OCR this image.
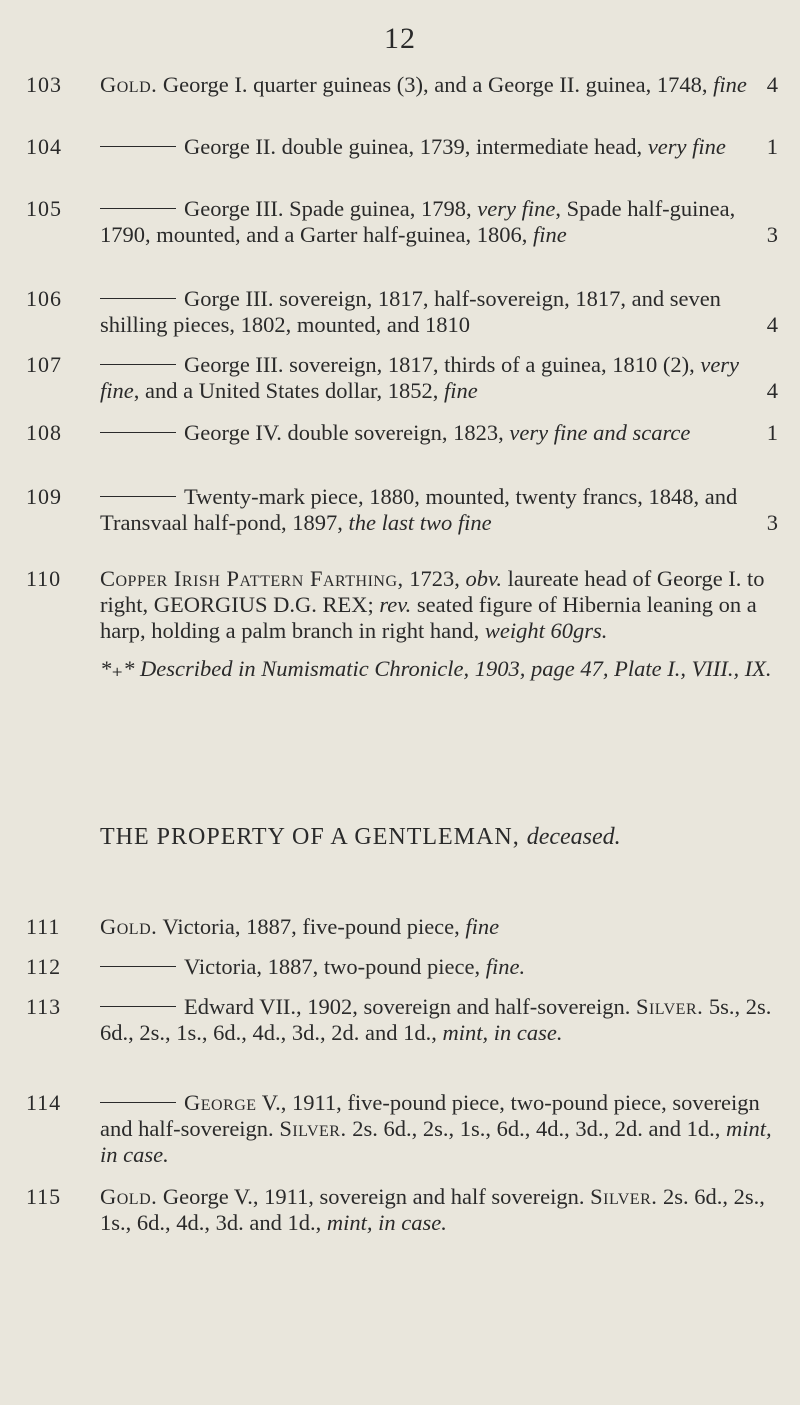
12
103 Gold. George I. quarter guineas (3), and a George II. guinea, 1748, fine 4

104	George II. double guinea, 1739, intermediate head, very fine 1

105	George III. Spade guinea, 1798, very fine, Spade half-guinea, 1790, mounted, and a Garter half-guinea, 1806, fine	3

106	Gorge III. sovereign, 1817, half-sovereign, 1817, and seven shilling pieces, 1802, mounted, and 1810	4

107	George III. sovereign, 1817, thirds of a guinea, 1810 (2), very fine, and a United States dollar, 1852, fine	4

108	George IV. double sovereign, 1823, very fine and scarce	1

109	Twenty-mark piece, 1880, mounted, twenty francs, 1848, and Transvaal half-pond, 1897, the last two fine	3

110 Copper Irish Pattern Farthing, 1723, obv. laureate head of George I. to right, GEORGIUS D.G. REX; rev. seated figure of Hibernia leaning on a harp, holding a palm branch in right hand, weight 60grs.

*₊* Described in Numismatic Chronicle, 1903, page 47, Plate I., VIII., IX.

THE PROPERTY OF A GENTLEMAN, deceased.
111 Gold. Victoria, 1887, five-pound piece, fine

112	Victoria, 1887, two-pound piece, fine.

113	Edward VII., 1902, sovereign and half-sovereign. Silver. 5s., 2s. 6d., 2s., 1s., 6d., 4d., 3d., 2d. and 1d., mint, in case.

114	George V., 1911, five-pound piece, two-pound piece, sovereign and half-sovereign. Silver. 2s. 6d., 2s., 1s., 6d., 4d., 3d., 2d. and 1d., mint, in case.

115 Gold. George V., 1911, sovereign and half sovereign. Silver. 2s. 6d., 2s., 1s., 6d., 4d., 3d. and 1d., mint, in case.
